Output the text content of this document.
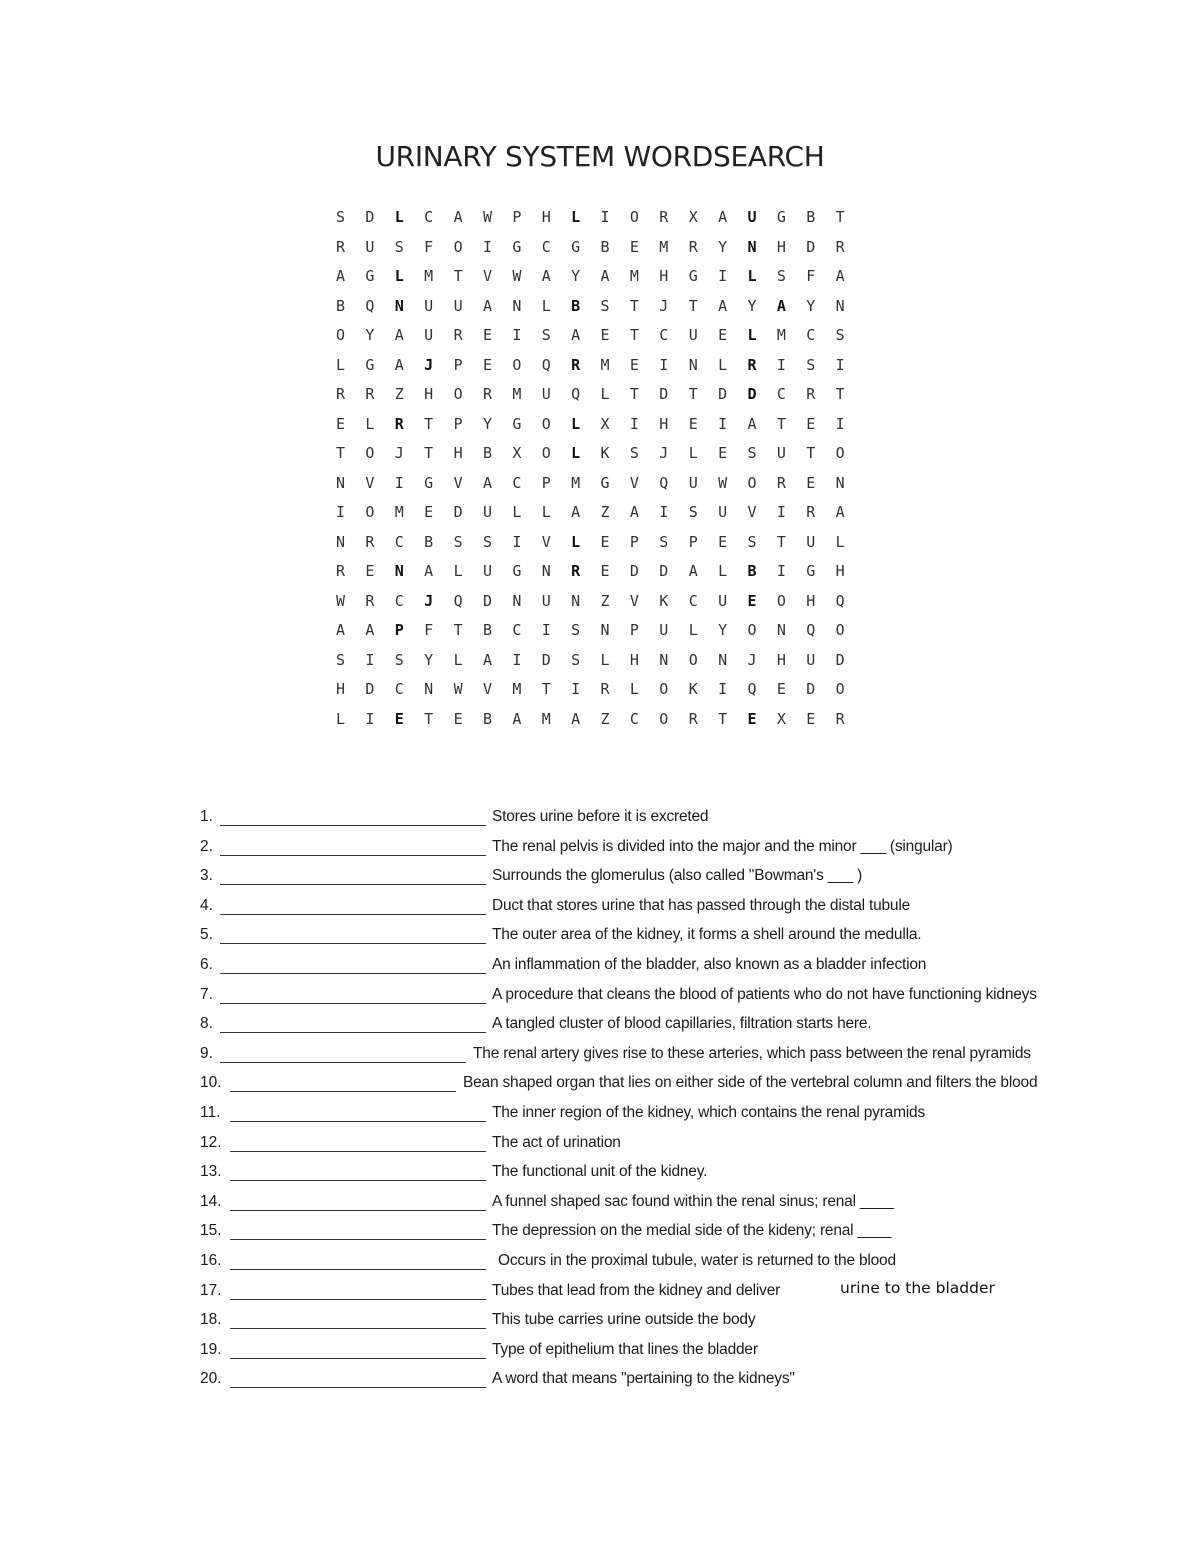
URINARY SYSTEM WORDSEARCH
S	D	L	C	A	W	P	H	L	I	O	R	X	A	U	G	B	T
R	U	S	F	O	I	G	C	G	B	E	M	R	Y	N	H	D	R
A	G	L	M	T	V	W	A	Y	A	M	H	G	I	L	S	F	A
B	Q	N	U	U	A	N	L	B	S	T	J	T	A	Y	A	Y	N
O	Y	A	U	R	E	I	S	A	E	T	C	U	E	L	M	C	S
L	G	A	J	P	E	O	Q	R	M	E	I	N	L	R	I	S	I
R	R	Z	H	O	R	M	U	Q	L	T	D	T	D	D	C	R	T
E	L	R	T	P	Y	G	O	L	X	I	H	E	I	A	T	E	I
T	O	J	T	H	B	X	O	L	K	S	J	L	E	S	U	T	O
N	V	I	G	V	A	C	P	M	G	V	Q	U	W	O	R	E	N
I	O	M	E	D	U	L	L	A	Z	A	I	S	U	V	I	R	A
N	R	C	B	S	S	I	V	L	E	P	S	P	E	S	T	U	L
R	E	N	A	L	U	G	N	R	E	D	D	A	L	B	I	G	H
W	R	C	J	Q	D	N	U	N	Z	V	K	C	U	E	O	H	Q
A	A	P	F	T	B	C	I	S	N	P	U	L	Y	O	N	Q	O
S	I	S	Y	L	A	I	D	S	L	H	N	O	N	J	H	U	D
H	D	C	N	W	V	M	T	I	R	L	O	K	I	Q	E	D	O
L	I	E	T	E	B	A	M	A	Z	C	O	R	T	E	X	E	R
1.	Stores urine before it is excreted
2.	The renal pelvis is divided into the major and the minor ___ (singular)
3.	Surrounds the glomerulus (also called "Bowman's ___ )
4.	Duct that stores urine that has passed through the distal tubule
5.	The outer area of the kidney, it forms a shell around the medulla.
6.	An inflammation of the bladder, also known as a bladder infection
7.	A procedure that cleans the blood of patients who do not have functioning kidneys
8.	A tangled cluster of blood capillaries, filtration starts here.
9.	The renal artery gives rise to these arteries, which pass between the renal pyramids
10.	Bean shaped organ that lies on either side of the vertebral column and filters the blood
11.	The inner region of the kidney, which contains the renal pyramids
12.	The act of urination
13.	The functional unit of the kidney.
14.	A funnel shaped sac found within the renal sinus; renal ____
15.	The depression on the medial side of the kideny; renal ____
16.	Occurs in the proximal tubule, water is returned to the blood
17.	Tubes that lead from the kidney and deliver	urine to the bladder
18.	This tube carries urine outside the body
19.	Type of epithelium that lines the bladder
20.	A word that means "pertaining to the kidneys"
